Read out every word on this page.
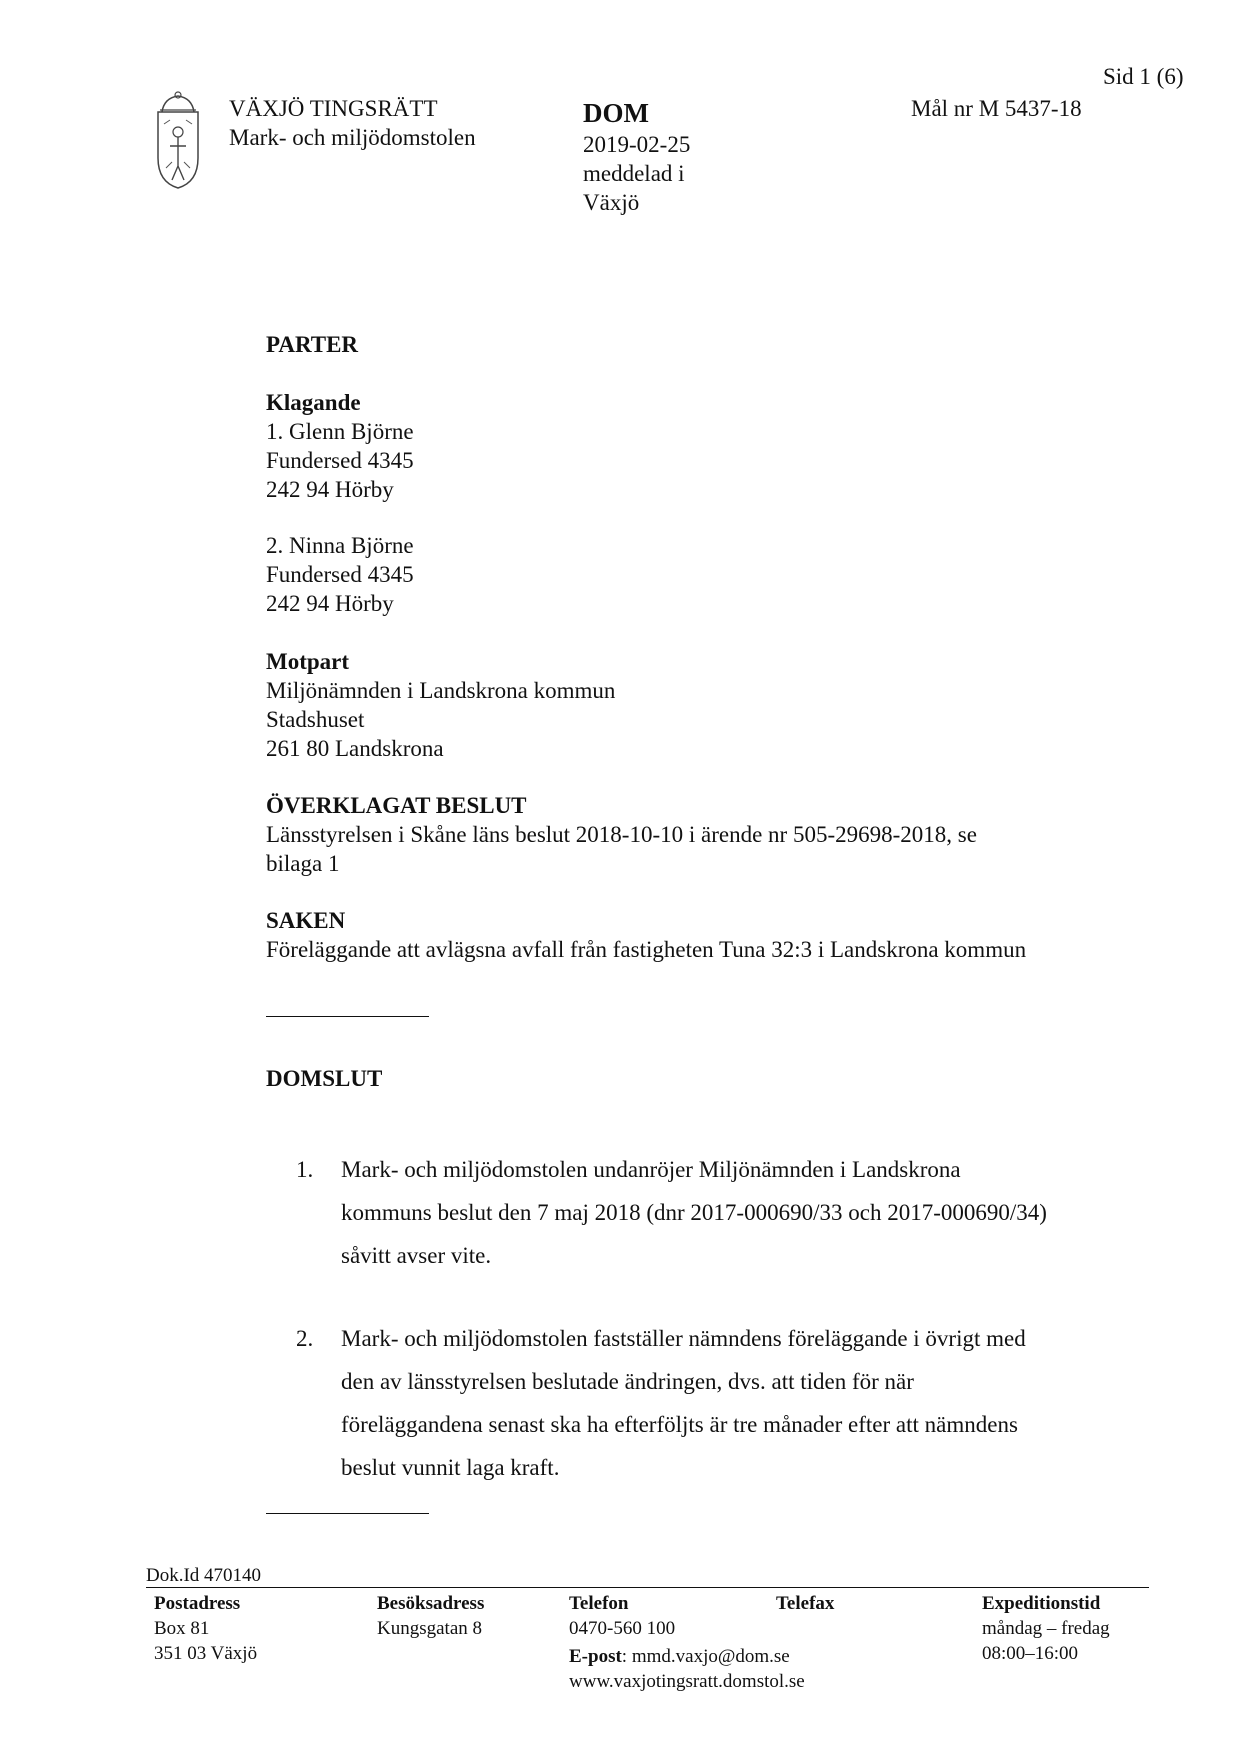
VÄXJÖ TINGSRÄTT
Mark- och miljödomstolen
DOM
2019-02-25
meddelad i
Växjö
Mål nr M 5437-18
Sid 1 (6)
PARTER
Klagande
1. Glenn Björne
Fundersed 4345
242 94 Hörby
2. Ninna Björne
Fundersed 4345
242 94 Hörby
Motpart
Miljönämnden i Landskrona kommun
Stadshuset
261 80 Landskrona
ÖVERKLAGAT BESLUT
Länsstyrelsen i Skåne läns beslut 2018-10-10 i ärende nr 505-29698-2018, se
bilaga 1
SAKEN
Föreläggande att avlägsna avfall från fastigheten Tuna 32:3 i Landskrona kommun
DOMSLUT
1. Mark- och miljödomstolen undanröjer Miljönämnden i Landskrona
kommuns beslut den 7 maj 2018 (dnr 2017-000690/33 och 2017-000690/34)
såvitt avser vite.
2. Mark- och miljödomstolen fastställer nämndens föreläggande i övrigt med
den av länsstyrelsen beslutade ändringen, dvs. att tiden för när
föreläggandena senast ska ha efterföljts är tre månader efter att nämndens
beslut vunnit laga kraft.
Dok.Id 470140
Postadress
Box 81
351 03 Växjö
Besöksadress
Kungsgatan 8
Telefon
0470-560 100
E-post: mmd.vaxjo@dom.se
www.vaxjotingsratt.domstol.se
Telefax	Expeditionstid
måndag – fredag
08:00–16:00
